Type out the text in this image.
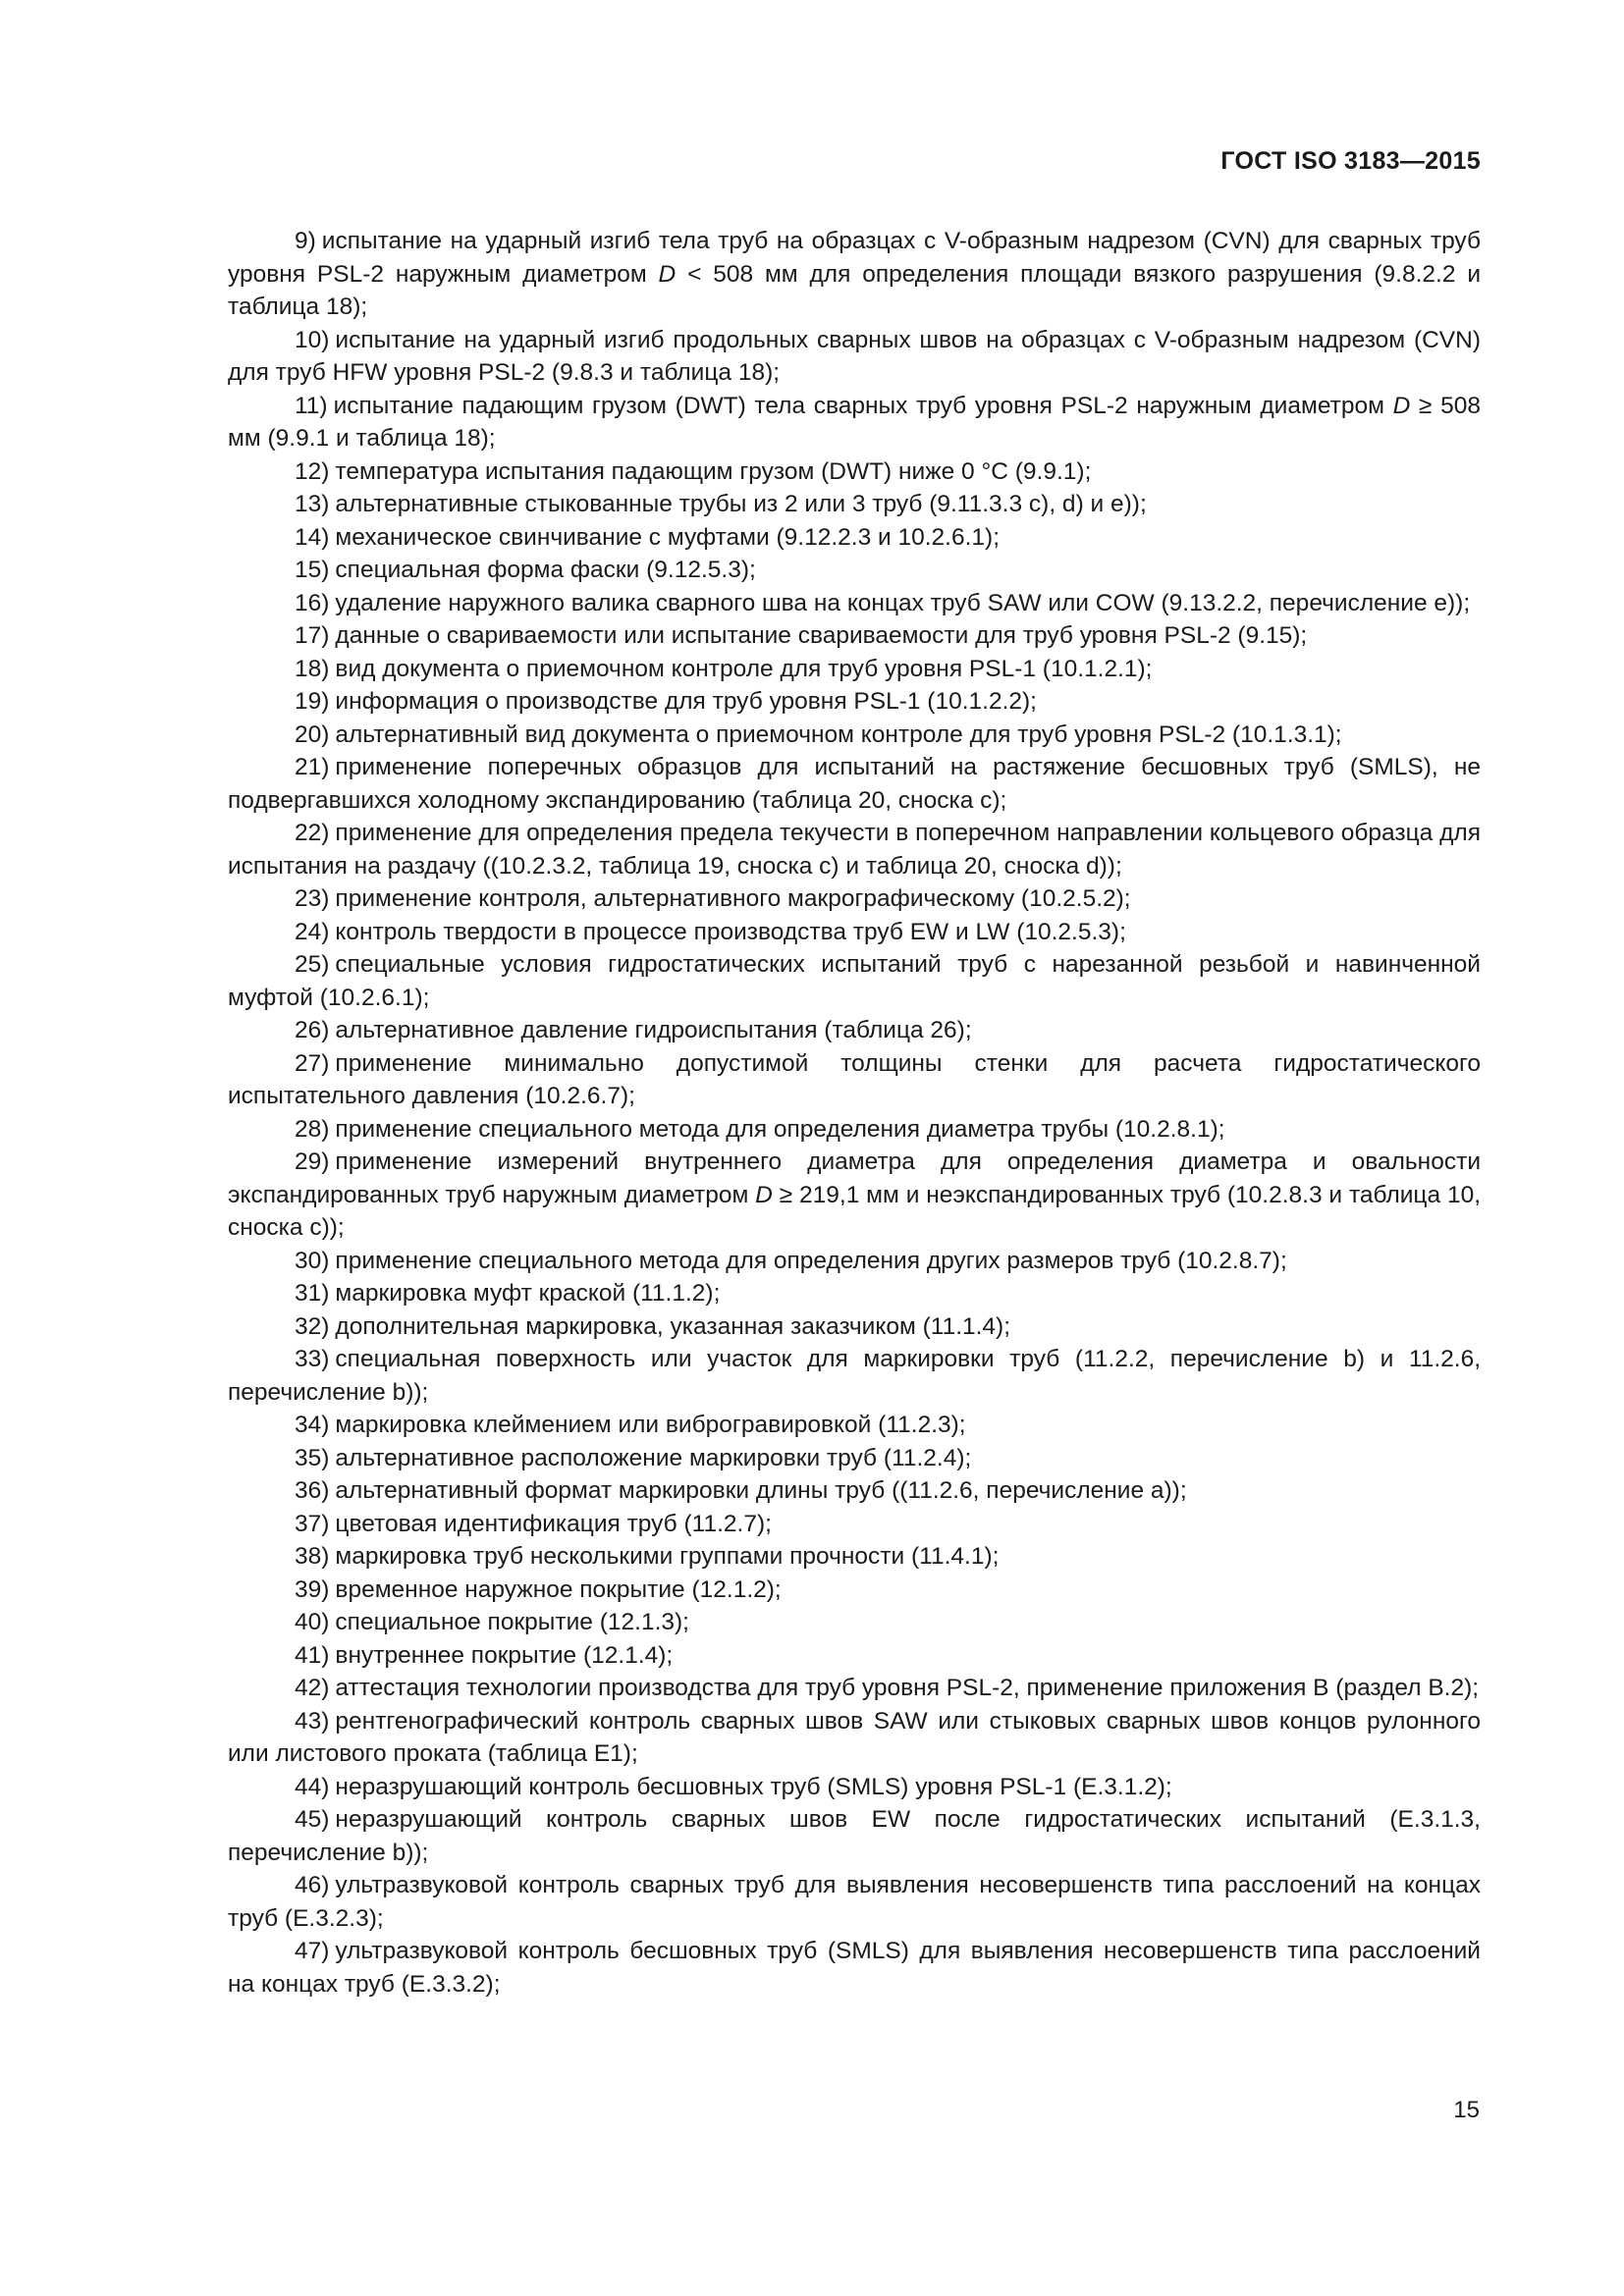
ГОСТ ISO 3183—2015

9) испытание на ударный изгиб тела труб на образцах с V-образным надрезом (CVN) для сварных труб уровня PSL-2 наружным диаметром D < 508 мм для определения площади вязкого разрушения (9.8.2.2 и таблица 18);

10) испытание на ударный изгиб продольных сварных швов на образцах с V-образным надрезом (CVN) для труб HFW уровня PSL-2 (9.8.3 и таблица 18);

11) испытание падающим грузом (DWT) тела сварных труб уровня PSL-2 наружным диаметром D ≥ 508 мм (9.9.1 и таблица 18);

12) температура испытания падающим грузом (DWT) ниже 0 °С (9.9.1);

13) альтернативные стыкованные трубы из 2 или 3 труб (9.11.3.3 с), d) и e));

14) механическое свинчивание с муфтами (9.12.2.3 и 10.2.6.1);

15) специальная форма фаски (9.12.5.3);

16) удаление наружного валика сварного шва на концах труб SAW или COW (9.13.2.2, перечисление е));

17) данные о свариваемости или испытание свариваемости для труб уровня PSL-2 (9.15);

18) вид документа о приемочном контроле для труб уровня PSL-1 (10.1.2.1);

19) информация о производстве для труб уровня PSL-1 (10.1.2.2);

20) альтернативный вид документа о приемочном контроле для труб уровня PSL-2 (10.1.3.1);

21) применение поперечных образцов для испытаний на растяжение бесшовных труб (SMLS), не подвергавшихся холодному экспандированию (таблица 20, сноска с);

22) применение для определения предела текучести в поперечном направлении кольцевого образца для испытания на раздачу ((10.2.3.2, таблица 19, сноска с) и таблица 20, сноска d));

23) применение контроля, альтернативного макрографическому (10.2.5.2);

24) контроль твердости в процессе производства труб EW и LW (10.2.5.3);

25) специальные условия гидростатических испытаний труб с нарезанной резьбой и навинченной муфтой (10.2.6.1);

26) альтернативное давление гидроиспытания (таблица 26);

27) применение минимально допустимой толщины стенки для расчета гидростатического испытательного давления (10.2.6.7);

28) применение специального метода для определения диаметра трубы (10.2.8.1);

29) применение измерений внутреннего диаметра для определения диаметра и овальности экспандированных труб наружным диаметром D ≥ 219,1 мм и неэкспандированных труб (10.2.8.3 и таблица 10, сноска с));

30) применение специального метода для определения других размеров труб (10.2.8.7);

31) маркировка муфт краской (11.1.2);

32) дополнительная маркировка, указанная заказчиком (11.1.4);

33) специальная поверхность или участок для маркировки труб (11.2.2, перечисление b) и 11.2.6, перечисление b));

34) маркировка клеймением или виброгравировкой (11.2.3);

35) альтернативное расположение маркировки труб (11.2.4);

36) альтернативный формат маркировки длины труб ((11.2.6, перечисление а));

37) цветовая идентификация труб (11.2.7);

38) маркировка труб несколькими группами прочности (11.4.1);

39) временное наружное покрытие (12.1.2);

40) специальное покрытие (12.1.3);

41) внутреннее покрытие (12.1.4);

42) аттестация технологии производства для труб уровня PSL-2, применение приложения В (раздел В.2);

43) рентгенографический контроль сварных швов SAW или стыковых сварных швов концов рулонного или листового проката (таблица Е1);

44) неразрушающий контроль бесшовных труб (SMLS) уровня PSL-1 (Е.3.1.2);

45) неразрушающий контроль сварных швов EW после гидростатических испытаний (Е.3.1.3, перечисление b));

46) ультразвуковой контроль сварных труб для выявления несовершенств типа расслоений на концах труб (Е.3.2.3);

47) ультразвуковой контроль бесшовных труб (SMLS) для выявления несовершенств типа расслоений на концах труб (Е.3.3.2);

15
